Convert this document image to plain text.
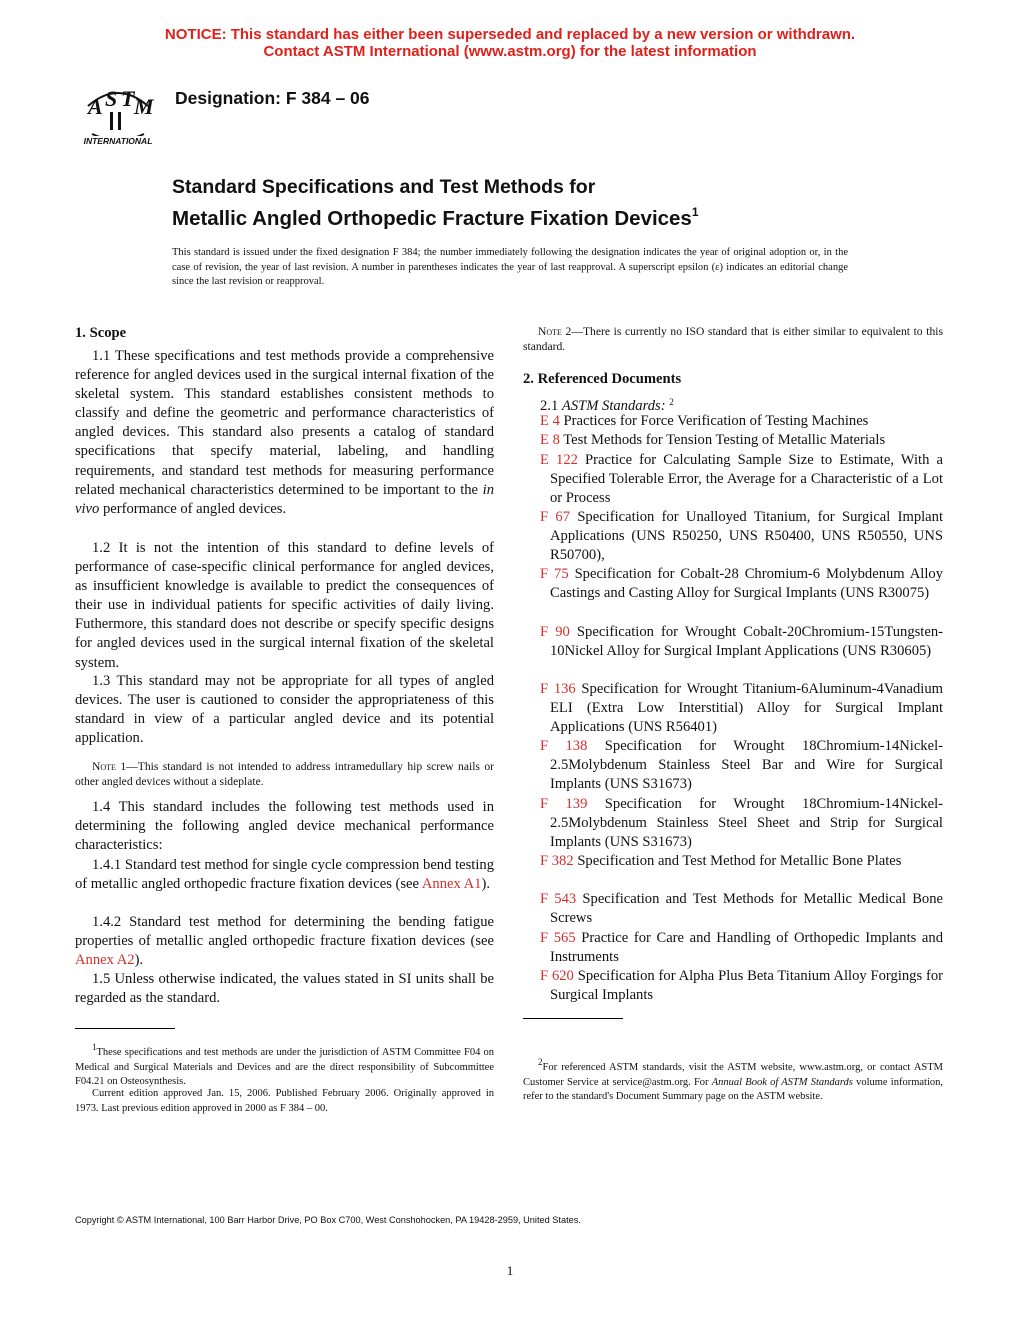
NOTICE: This standard has either been superseded and replaced by a new version or withdrawn.
Contact ASTM International (www.astm.org) for the latest information
A S T M
INTERNATIONAL
Designation: F 384 – 06
Standard Specifications and Test Methods for
Metallic Angled Orthopedic Fracture Fixation Devices$^1$
This standard is issued under the fixed designation F 384; the number immediately following the designation indicates the year of original adoption or, in the case of revision, the year of last revision. A number in parentheses indicates the year of last reapproval. A superscript epsilon (ε) indicates an editorial change since the last revision or reapproval.
1. Scope
1.1 These specifications and test methods provide a comprehensive reference for angled devices used in the surgical internal fixation of the skeletal system. This standard establishes consistent methods to classify and define the geometric and performance characteristics of angled devices. This standard also presents a catalog of standard specifications that specify material, labeling, and handling requirements, and standard test methods for measuring performance related mechanical characteristics determined to be important to the in vivo performance of angled devices.
1.2 It is not the intention of this standard to define levels of performance of case-specific clinical performance for angled devices, as insufficient knowledge is available to predict the consequences of their use in individual patients for specific activities of daily living. Futhermore, this standard does not describe or specify specific designs for angled devices used in the surgical internal fixation of the skeletal system.
1.3 This standard may not be appropriate for all types of angled devices. The user is cautioned to consider the appropriateness of this standard in view of a particular angled device and its potential application.
Note 1—This standard is not intended to address intramedullary hip screw nails or other angled devices without a sideplate.
1.4 This standard includes the following test methods used in determining the following angled device mechanical performance characteristics:
1.4.1 Standard test method for single cycle compression bend testing of metallic angled orthopedic fracture fixation devices (see Annex A1).
1.4.2 Standard test method for determining the bending fatigue properties of metallic angled orthopedic fracture fixation devices (see Annex A2).
1.5 Unless otherwise indicated, the values stated in SI units shall be regarded as the standard.
$^1$These specifications and test methods are under the jurisdiction of ASTM Committee F04 on Medical and Surgical Materials and Devices and are the direct responsibility of Subcommittee F04.21 on Osteosynthesis.
Current edition approved Jan. 15, 2006. Published February 2006. Originally approved in 1973. Last previous edition approved in 2000 as F 384 – 00.
Note 2—There is currently no ISO standard that is either similar to equivalent to this standard.
2. Referenced Documents
2.1 ASTM Standards: $^2$
E 4 Practices for Force Verification of Testing Machines
E 8 Test Methods for Tension Testing of Metallic Materials
E 122 Practice for Calculating Sample Size to Estimate, With a Specified Tolerable Error, the Average for a Characteristic of a Lot or Process
F 67 Specification for Unalloyed Titanium, for Surgical Implant Applications (UNS R50250, UNS R50400, UNS R50550, UNS R50700),
F 75 Specification for Cobalt-28 Chromium-6 Molybdenum Alloy Castings and Casting Alloy for Surgical Implants (UNS R30075)
F 90 Specification for Wrought Cobalt-20Chromium-15Tungsten-10Nickel Alloy for Surgical Implant Applications (UNS R30605)
F 136 Specification for Wrought Titanium-6Aluminum-4Vanadium ELI (Extra Low Interstitial) Alloy for Surgical Implant Applications (UNS R56401)
F 138 Specification for Wrought 18Chromium-14Nickel-2.5Molybdenum Stainless Steel Bar and Wire for Surgical Implants (UNS S31673)
F 139 Specification for Wrought 18Chromium-14Nickel-2.5Molybdenum Stainless Steel Sheet and Strip for Surgical Implants (UNS S31673)
F 382 Specification and Test Method for Metallic Bone Plates
F 543 Specification and Test Methods for Metallic Medical Bone Screws
F 565 Practice for Care and Handling of Orthopedic Implants and Instruments
F 620 Specification for Alpha Plus Beta Titanium Alloy Forgings for Surgical Implants
$^2$For referenced ASTM standards, visit the ASTM website, www.astm.org, or contact ASTM Customer Service at service@astm.org. For Annual Book of ASTM Standards volume information, refer to the standard's Document Summary page on the ASTM website.
Copyright © ASTM International, 100 Barr Harbor Drive, PO Box C700, West Conshohocken, PA 19428-2959, United States.
1
